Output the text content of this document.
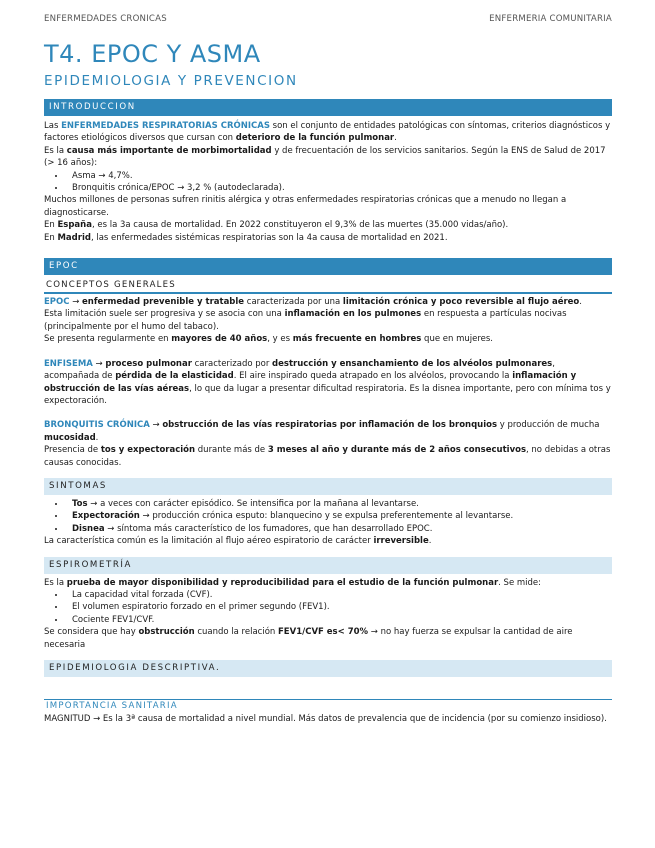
ENFERMEDADES CRONICAS	ENFERMERIA COMUNITARIA
T4. EPOC Y ASMA
EPIDEMIOLOGIA Y PREVENCION
INTRODUCCION

Las ENFERMEDADES RESPIRATORIAS CRÓNICAS son el conjunto de entidades patológicas con síntomas, criterios diagnósticos y factores etiológicos diversos que cursan con deterioro de la función pulmonar.

Es la causa más importante de morbimortalidad y de frecuentación de los servicios sanitarios. Según la ENS de Salud de 2017 (> 16 años):

• Asma → 4,7%.
• Bronquitis crónica/EPOC → 3,2 % (autodeclarada).

Muchos millones de personas sufren rinitis alérgica y otras enfermedades respiratorias crónicas que a menudo no llegan a diagnosticarse.

En España, es la 3a causa de mortalidad. En 2022 constituyeron el 9,3% de las muertes (35.000 vidas/año).

En Madrid, las enfermedades sistémicas respiratorias son la 4a causa de mortalidad en 2021.

EPOC
CONCEPTOS GENERALES

EPOC → enfermedad prevenible y tratable caracterizada por una limitación crónica y poco reversible al flujo aéreo.

Esta limitación suele ser progresiva y se asocia con una inflamación en los pulmones en respuesta a partículas nocivas (principalmente por el humo del tabaco).

Se presenta regularmente en mayores de 40 años, y es más frecuente en hombres que en mujeres.

ENFISEMA → proceso pulmonar caracterizado por destrucción y ensanchamiento de los alvéolos pulmonares, acompañada de pérdida de la elasticidad. El aire inspirado queda atrapado en los alvéolos, provocando la inflamación y obstrucción de las vías aéreas, lo que da lugar a presentar dificultad respiratoria. Es la disnea importante, pero con mínima tos y expectoración.

BRONQUITIS CRÓNICA → obstrucción de las vías respiratorias por inflamación de los bronquios y producción de mucha mucosidad.

Presencia de tos y expectoración durante más de 3 meses al año y durante más de 2 años consecutivos, no debidas a otras causas conocidas.

SINTOMAS
• Tos → a veces con carácter episódico. Se intensifica por la mañana al levantarse.
• Expectoración → producción crónica esputo: blanquecino y se expulsa preferentemente al levantarse.
• Disnea → síntoma más característico de los fumadores, que han desarrollado EPOC.

La característica común es la limitación al flujo aéreo espiratorio de carácter irreversible.

ESPIROMETRÍA

Es la prueba de mayor disponibilidad y reproducibilidad para el estudio de la función pulmonar. Se mide:

• La capacidad vital forzada (CVF).
• El volumen espiratorio forzado en el primer segundo (FEV1).
• Cociente FEV1/CVF.

Se considera que hay obstrucción cuando la relación FEV1/CVF es< 70% → no hay fuerza se expulsar la cantidad de aire necesaria

EPIDEMIOLOGIA DESCRIPTIVA.
IMPORTANCIA SANITARIA

MAGNITUD → Es la 3ª causa de mortalidad a nivel mundial. Más datos de prevalencia que de incidencia (por su comienzo insidioso).
